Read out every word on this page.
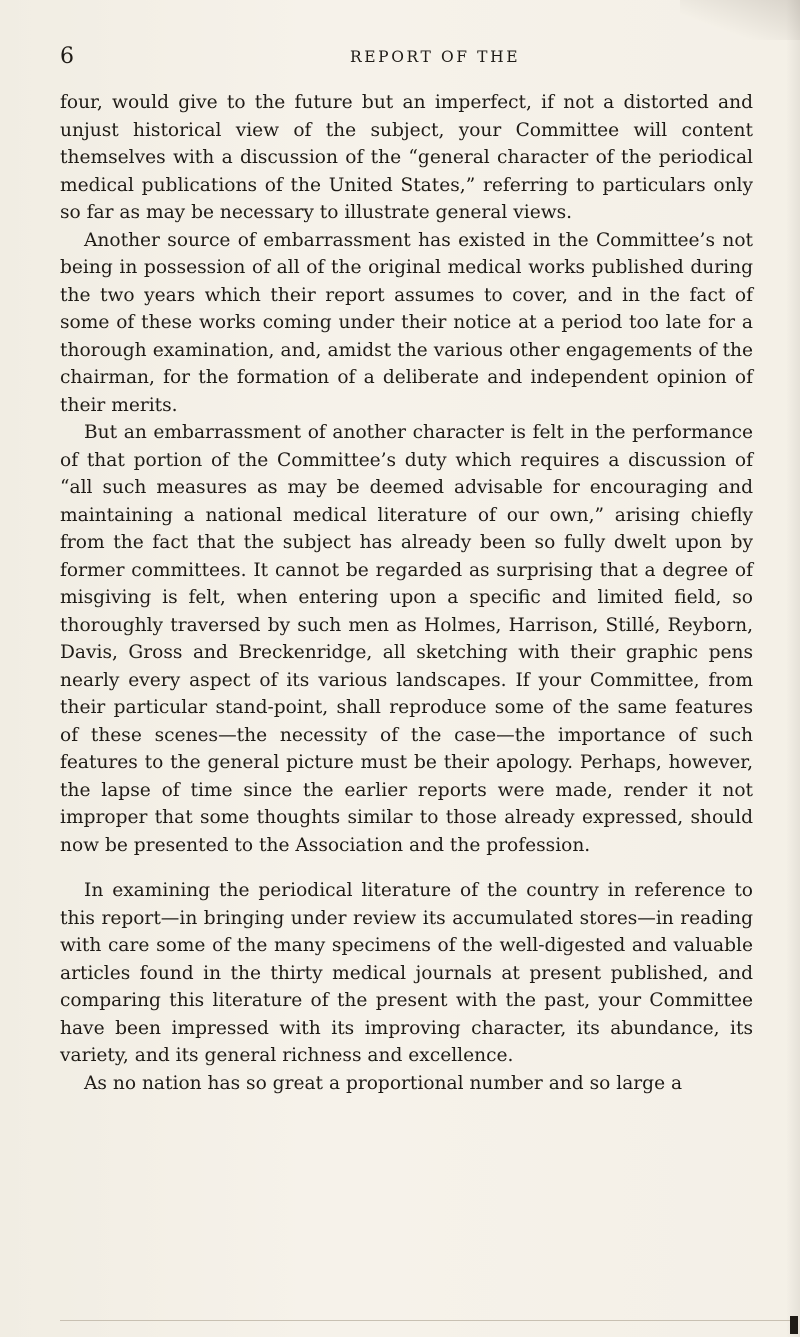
6	REPORT OF THE

four, would give to the future but an imperfect, if not a distorted and unjust historical view of the subject, your Committee will content themselves with a discussion of the “general character of the periodical medical publications of the United States,” referring to particulars only so far as may be necessary to illustrate general views.

Another source of embarrassment has existed in the Committee’s not being in possession of all of the original medical works published during the two years which their report assumes to cover, and in the fact of some of these works coming under their notice at a period too late for a thorough examination, and, amidst the various other engagements of the chairman, for the formation of a deliberate and independent opinion of their merits.

But an embarrassment of another character is felt in the performance of that portion of the Committee’s duty which requires a discussion of “all such measures as may be deemed advisable for encouraging and maintaining a national medical literature of our own,” arising chiefly from the fact that the subject has already been so fully dwelt upon by former committees. It cannot be regarded as surprising that a degree of misgiving is felt, when entering upon a specific and limited field, so thoroughly traversed by such men as Holmes, Harrison, Stillé, Reyborn, Davis, Gross and Breckenridge, all sketching with their graphic pens nearly every aspect of its various landscapes. If your Committee, from their particular stand-point, shall reproduce some of the same features of these scenes—the necessity of the case—the importance of such features to the general picture must be their apology. Perhaps, however, the lapse of time since the earlier reports were made, render it not improper that some thoughts similar to those already expressed, should now be presented to the Association and the profession.

In examining the periodical literature of the country in reference to this report—in bringing under review its accumulated stores—in reading with care some of the many specimens of the well-digested and valuable articles found in the thirty medical journals at present published, and comparing this literature of the present with the past, your Committee have been impressed with its improving character, its abundance, its variety, and its general richness and excellence.

As no nation has so great a proportional number and so large a
